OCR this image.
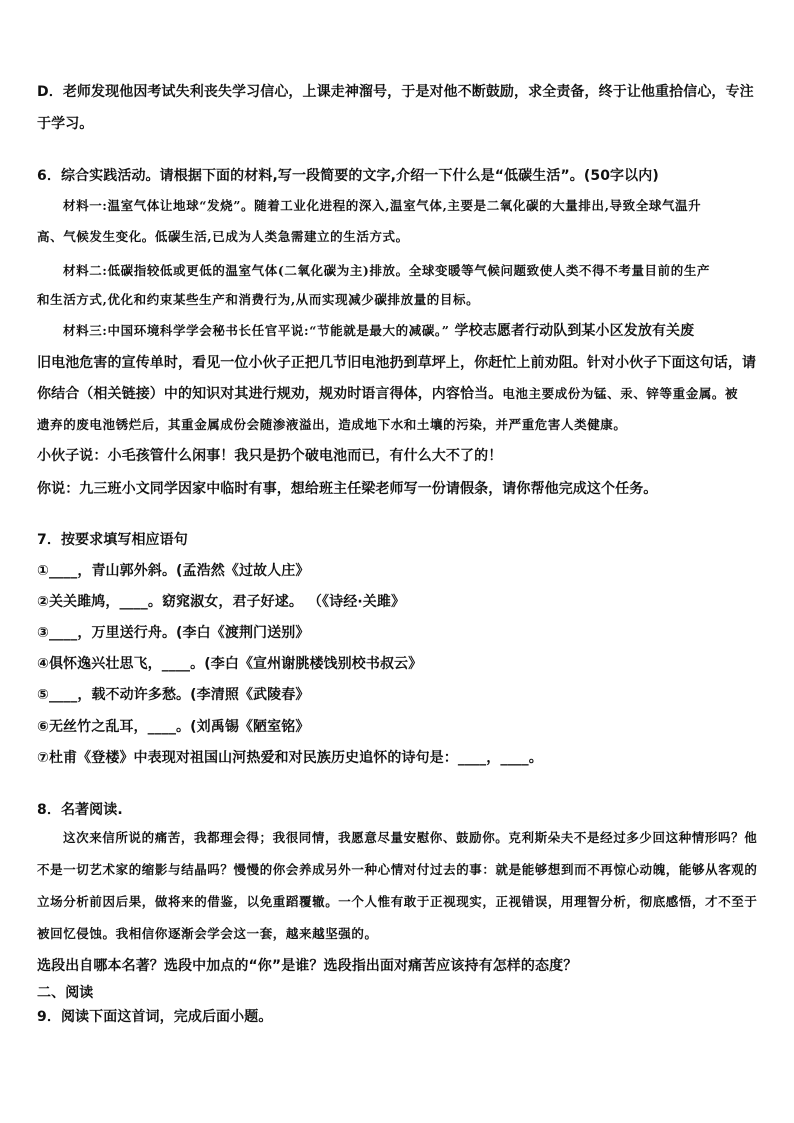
D．老师发现他因考试失利丧失学习信心，上课走神溜号，于是对他不断鼓励，求全责备，终于让他重拾信心，专注
于学习。
6．综合实践活动。请根据下面的材料,写一段简要的文字,介绍一下什么是“低碳生活”。(50字以内)
材料一:温室气体让地球“发烧”。随着工业化进程的深入,温室气体,主要是二氧化碳的大量排出,导致全球气温升
高、气候发生变化。低碳生活,已成为人类急需建立的生活方式。
材料二:低碳指较低或更低的温室气体(二氧化碳为主)排放。全球变暖等气候问题致使人类不得不考量目前的生产
和生活方式,优化和约束某些生产和消费行为,从而实现减少碳排放量的目标。
材料三:中国环境科学学会秘书长任官平说:“节能就是最大的减碳。” 学校志愿者行动队到某小区发放有关废
旧电池危害的宣传单时，看见一位小伙子正把几节旧电池扔到草坪上，你赶忙上前劝阻。针对小伙子下面这句话，请
你结合（相关链接）中的知识对其进行规劝，规劝时语言得体，内容恰当。电池主要成份为锰、汞、锌等重金属。被
遗弃的废电池锈烂后，其重金属成份会随渗液溢出，造成地下水和土壤的污染，并严重危害人类健康。
小伙子说：小毛孩管什么闲事！我只是扔个破电池而已，有什么大不了的！
你说：九三班小文同学因家中临时有事，想给班主任梁老师写一份请假条，请你帮他完成这个任务。
7．按要求填写相应语句
①____，青山郭外斜。(孟浩然《过故人庄》
②关关雎鸠，____。窈窕淑女，君子好逑。 （《诗经·关雎》
③____，万里送行舟。(李白《渡荆门送别》
④俱怀逸兴壮思飞，____。(李白《宣州谢朓楼饯别校书叔云》
⑤____，载不动许多愁。(李清照《武陵春》
⑥无丝竹之乱耳，____。(刘禹锡《陋室铭》
⑦杜甫《登楼》中表现对祖国山河热爱和对民族历史追怀的诗句是：____，____。
8．名著阅读.
这次来信所说的痛苦，我都理会得；我很同情，我愿意尽量安慰你、鼓励你。克利斯朵夫不是经过多少回这种情形吗？他不是一切艺术家的缩影与结晶吗？慢慢的你会养成另外一种心情对付过去的事：就是能够想到而不再惊心动魄，能够从客观的立场分析前因后果，做将来的借鉴，以免重蹈覆辙。一个人惟有敢于正视现实，正视错误，用理智分析，彻底感悟，才不至于被回忆侵蚀。我相信你逐渐会学会这一套，越来越坚强的。
选段出自哪本名著？选段中加点的“你”是谁？选段指出面对痛苦应该持有怎样的态度？
二、阅读
9．阅读下面这首词，完成后面小题。
